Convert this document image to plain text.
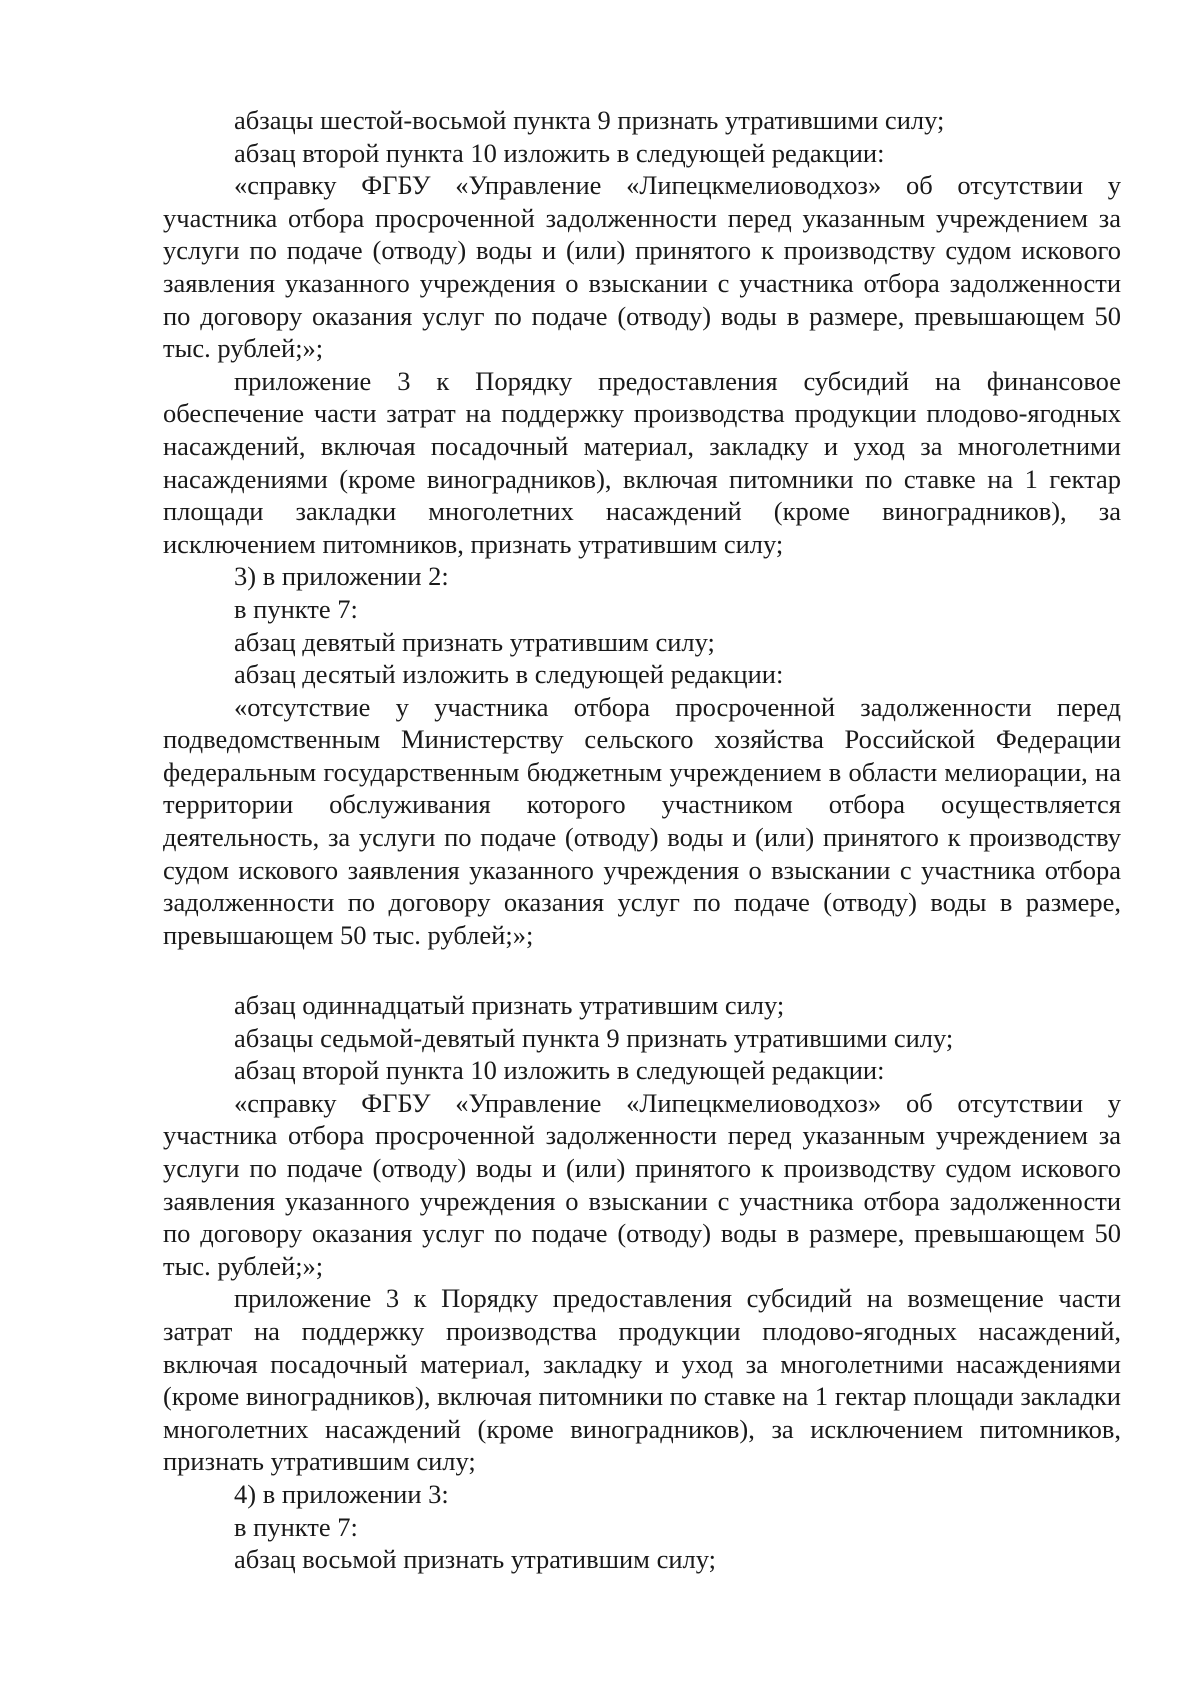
абзацы шестой-восьмой пункта 9 признать утратившими силу;

абзац второй пункта 10 изложить в следующей редакции:

«справку ФГБУ «Управление «Липецкмелиоводхоз» об отсутствии у участника отбора просроченной задолженности перед указанным учреждением за услуги по подаче (отводу) воды и (или) принятого к производству судом искового заявления указанного учреждения о взыскании с участника отбора задолженности по договору оказания услуг по подаче (отводу) воды в размере, превышающем 50 тыс. рублей;»;

приложение 3 к Порядку предоставления субсидий на финансовое обеспечение части затрат на поддержку производства продукции плодово-ягодных насаждений, включая посадочный материал, закладку и уход за многолетними насаждениями (кроме виноградников), включая питомники по ставке на 1 гектар площади закладки многолетних насаждений (кроме виноградников), за исключением питомников, признать утратившим силу;

3) в приложении 2:

в пункте 7:

абзац девятый признать утратившим силу;

абзац десятый изложить в следующей редакции:

«отсутствие у участника отбора просроченной задолженности перед подведомственным Министерству сельского хозяйства Российской Федерации федеральным государственным бюджетным учреждением в области мелиорации, на территории обслуживания которого участником отбора осуществляется деятельность, за услуги по подаче (отводу) воды и (или) принятого к производству судом искового заявления указанного учреждения о взыскании с участника отбора задолженности по договору оказания услуг по подаче (отводу) воды в размере, превышающем 50 тыс. рублей;»;

абзац одиннадцатый признать утратившим силу;

абзацы седьмой-девятый пункта 9 признать утратившими силу;

абзац второй пункта 10 изложить в следующей редакции:

«справку ФГБУ «Управление «Липецкмелиоводхоз» об отсутствии у участника отбора просроченной задолженности перед указанным учреждением за услуги по подаче (отводу) воды и (или) принятого к производству судом искового заявления указанного учреждения о взыскании с участника отбора задолженности по договору оказания услуг по подаче (отводу) воды в размере, превышающем 50 тыс. рублей;»;

приложение 3 к Порядку предоставления субсидий на возмещение части затрат на поддержку производства продукции плодово-ягодных насаждений, включая посадочный материал, закладку и уход за многолетними насаждениями (кроме виноградников), включая питомники по ставке на 1 гектар площади закладки многолетних насаждений (кроме виноградников), за исключением питомников, признать утратившим силу;

4) в приложении 3:

в пункте 7:

абзац восьмой признать утратившим силу;
